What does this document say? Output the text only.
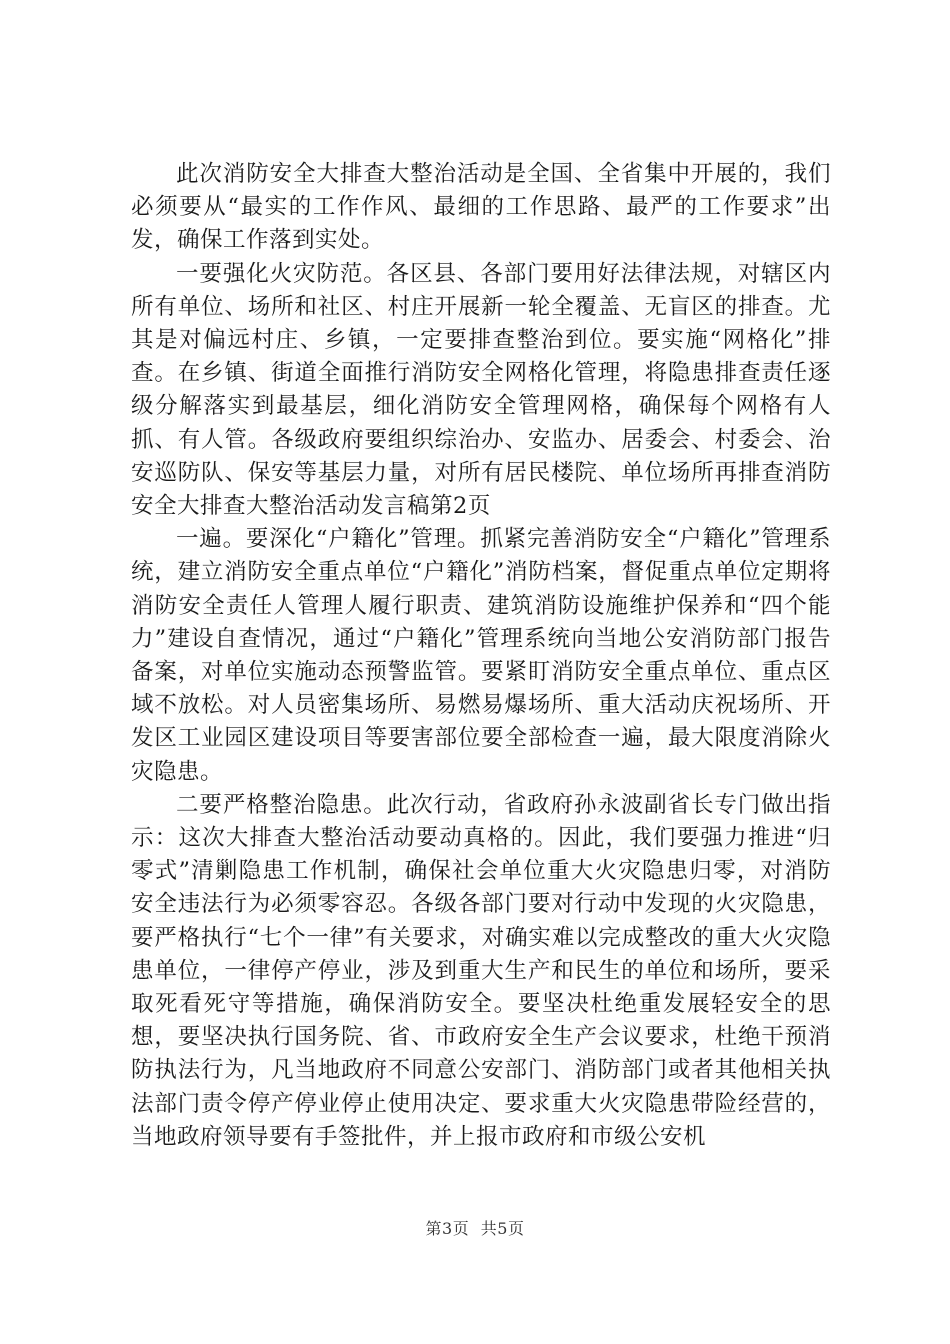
此次消防安全大排查大整治活动是全国、全省集中开展的，我们必须要从“最实的工作作风、最细的工作思路、最严的工作要求”出发，确保工作落到实处。

一要强化火灾防范。各区县、各部门要用好法律法规，对辖区内所有单位、场所和社区、村庄开展新一轮全覆盖、无盲区的排查。尤其是对偏远村庄、乡镇，一定要排查整治到位。要实施“网格化”排查。在乡镇、街道全面推行消防安全网格化管理，将隐患排查责任逐级分解落实到最基层，细化消防安全管理网格，确保每个网格有人抓、有人管。各级政府要组织综治办、安监办、居委会、村委会、治安巡防队、保安等基层力量，对所有居民楼院、单位场所再排查消防安全大排查大整治活动发言稿第2页

一遍。要深化“户籍化”管理。抓紧完善消防安全“户籍化”管理系统，建立消防安全重点单位“户籍化”消防档案，督促重点单位定期将消防安全责任人管理人履行职责、建筑消防设施维护保养和“四个能力”建设自查情况，通过“户籍化”管理系统向当地公安消防部门报告备案，对单位实施动态预警监管。要紧盯消防安全重点单位、重点区域不放松。对人员密集场所、易燃易爆场所、重大活动庆祝场所、开发区工业园区建设项目等要害部位要全部检查一遍，最大限度消除火灾隐患。

二要严格整治隐患。此次行动，省政府孙永波副省长专门做出指示：这次大排查大整治活动要动真格的。因此，我们要强力推进“归零式”清剿隐患工作机制，确保社会单位重大火灾隐患归零，对消防安全违法行为必须零容忍。各级各部门要对行动中发现的火灾隐患，要严格执行“七个一律”有关要求，对确实难以完成整改的重大火灾隐患单位，一律停产停业，涉及到重大生产和民生的单位和场所，要采取死看死守等措施，确保消防安全。要坚决杜绝重发展轻安全的思想，要坚决执行国务院、省、市政府安全生产会议要求，杜绝干预消防执法行为，凡当地政府不同意公安部门、消防部门或者其他相关执法部门责令停产停业停止使用决定、要求重大火灾隐患带险经营的，当地政府领导要有手签批件，并上报市政府和市级公安机

第3页 共5页
